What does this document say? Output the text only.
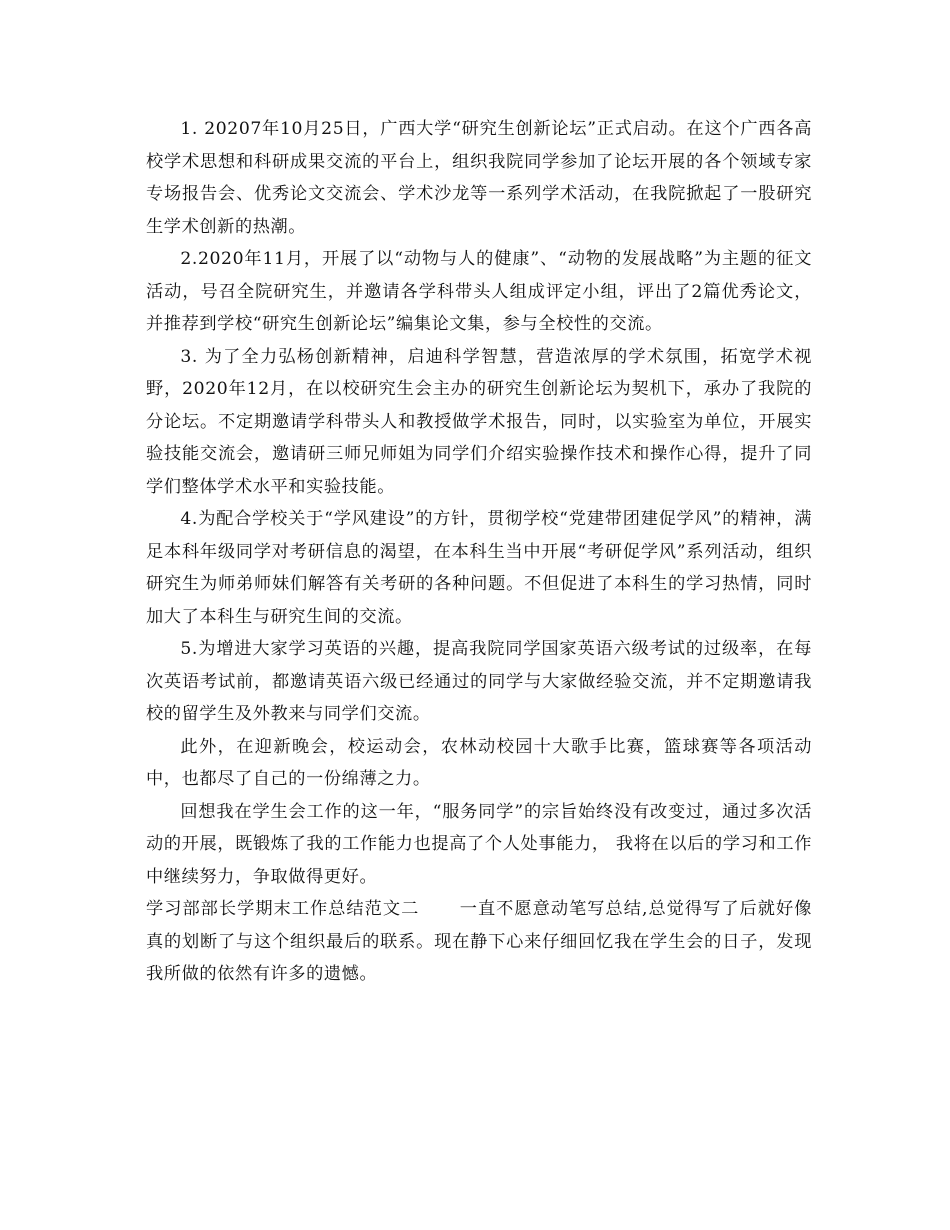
1. 20207年10月25日，广西大学“研究生创新论坛”正式启动。在这个广西各高校学术思想和科研成果交流的平台上，组织我院同学参加了论坛开展的各个领域专家专场报告会、优秀论文交流会、学术沙龙等一系列学术活动，在我院掀起了一股研究生学术创新的热潮。

2.2020年11月，开展了以“动物与人的健康”、“动物的发展战略”为主题的征文活动，号召全院研究生，并邀请各学科带头人组成评定小组，评出了2篇优秀论文，并推荐到学校“研究生创新论坛”编集论文集，参与全校性的交流。

3. 为了全力弘杨创新精神，启迪科学智慧，营造浓厚的学术氛围，拓宽学术视野，2020年12月，在以校研究生会主办的研究生创新论坛为契机下，承办了我院的分论坛。不定期邀请学科带头人和教授做学术报告，同时，以实验室为单位，开展实验技能交流会，邀请研三师兄师姐为同学们介绍实验操作技术和操作心得，提升了同学们整体学术水平和实验技能。

4.为配合学校关于“学风建设”的方针，贯彻学校“党建带团建促学风”的精神，满足本科年级同学对考研信息的渴望，在本科生当中开展“考研促学风”系列活动，组织研究生为师弟师妹们解答有关考研的各种问题。不但促进了本科生的学习热情，同时加大了本科生与研究生间的交流。

5.为增进大家学习英语的兴趣，提高我院同学国家英语六级考试的过级率，在每次英语考试前，都邀请英语六级已经通过的同学与大家做经验交流，并不定期邀请我校的留学生及外教来与同学们交流。

此外，在迎新晚会，校运动会，农林动校园十大歌手比赛，篮球赛等各项活动中，也都尽了自己的一份绵薄之力。

回想我在学生会工作的这一年，“服务同学”的宗旨始终没有改变过，通过多次活动的开展，既锻炼了我的工作能力也提高了个人处事能力， 我将在以后的学习和工作中继续努力，争取做得更好。

学习部部长学期末工作总结范文二 一直不愿意动笔写总结,总觉得写了后就好像真的划断了与这个组织最后的联系。现在静下心来仔细回忆我在学生会的日子，发现我所做的依然有许多的遗憾。
